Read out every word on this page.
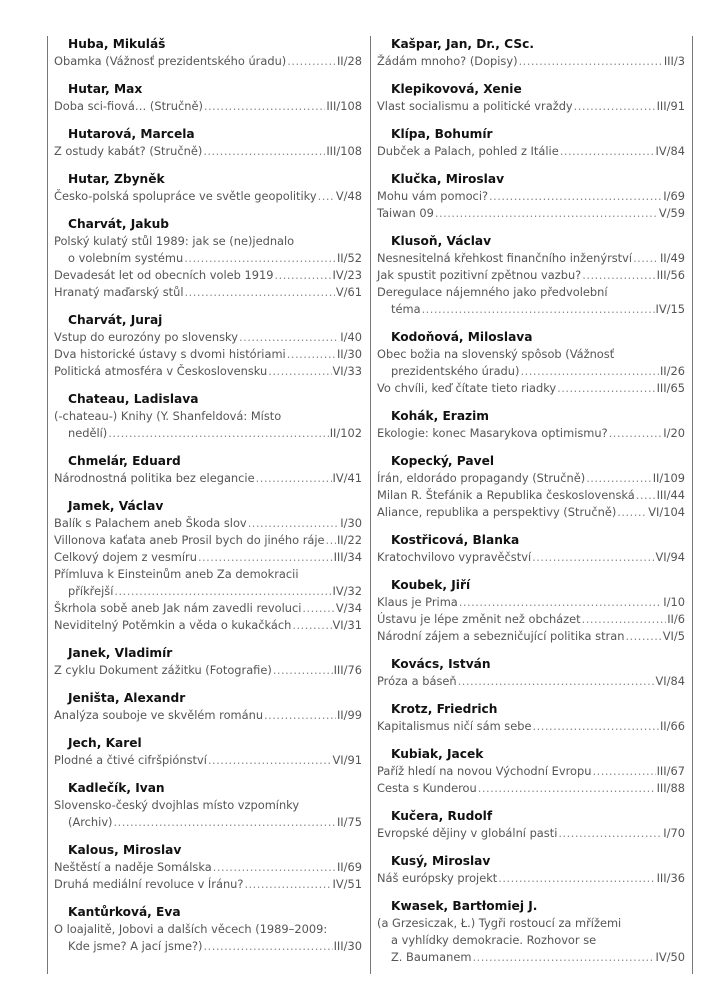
Huba, Mikuláš
Obamka (Vážnosť prezidentského úradu) .....	II/28
Hutar, Max
Doba sci-fiová… (Stručně) .....	III/108
Hutarová, Marcela
Z ostudy kabát? (Stručně) .....	III/108
Hutar, Zbyněk
Česko-polská spolupráce ve světle geopolitiky ..... V/48
Charvát, Jakub
Polský kulatý stůl 1989: jak se (ne)jednalo
o volebním systému .....	II/52
Devadesát let od obecních voleb 1919 .....	IV/23
Hranatý maďarský stůl .....	V/61
Charvát, Juraj
Vstup do eurozóny po slovensky .....	I/40
Dva historické ústavy s dvomi históriami .....	II/30
Politická atmosféra v Československu .....	VI/33
Chateau, Ladislava
(-chateau-) Knihy (Y. Shanfeldová: Místo
nedělí) .....	II/102
Chmelár, Eduard
Národnostná politika bez elegancie .....	IV/41
Jamek, Václav
Balík s Palachem aneb Škoda slov .....	I/30
Villonova kaťata aneb Prosil bych do jiného ráje ..... II/22
Celkový dojem z vesmíru .....	III/34
Přímluva k Einsteinům aneb Za demokracii
příkřejší .....	IV/32
Škrhola sobě aneb Jak nám zavedli revoluci .....	V/34
Neviditelný Potěmkin a věda o kukačkách .....	VI/31
Janek, Vladimír
Z cyklu Dokument zážitku (Fotografie) .....	III/76
Jeništa, Alexandr
Analýza souboje ve skvělém románu .....	II/99
Jech, Karel
Plodné a čtivé cifršpiónství .....	VI/91
Kadlečík, Ivan
Slovensko-český dvojhlas místo vzpomínky
(Archiv) .....	II/75
Kalous, Miroslav
Neštěstí a naděje Somálska .....	II/69
Druhá mediální revoluce v Íránu? .....	IV/51
Kantůrková, Eva
O loajalitě, Jobovi a dalších věcech (1989–2009:
Kde jsme? A jací jsme?) .....	III/30
Kašpar, Jan, Dr., CSc.
Žádám mnoho? (Dopisy) .....	III/3
Klepikovová, Xenie
Vlast socialismu a politické vraždy .....	III/91
Klípa, Bohumír
Dubček a Palach, pohled z Itálie .....	IV/84
Klučka, Miroslav
Mohu vám pomoci? .....	I/69
Taiwan 09 .....	V/59
Klusoň, Václav
Nesnesitelná křehkost finančního inženýrství ..... II/49
Jak spustit pozitivní zpětnou vazbu? .....	III/56
Deregulace nájemného jako předvolební
téma .....	IV/15
Kodoňová, Miloslava
Obec božia na slovenský spôsob (Vážnosť
prezidentského úradu) .....	II/26
Vo chvíli, keď čítate tieto riadky .....	III/65
Kohák, Erazim
Ekologie: konec Masarykova optimismu? .....	I/20
Kopecký, Pavel
Írán, eldorádo propagandy (Stručně) .....	II/109
Milan R. Štefánik a Republika československá ..... III/44
Aliance, republika a perspektivy (Stručně) .....	VI/104
Kostřicová, Blanka
Kratochvilovo vypravěčství .....	VI/94
Koubek, Jiří
Klaus je Prima .....	I/10
Ústavu je lépe změnit než obcházet .....	II/6
Národní zájem a sebezničující politika stran .....	VI/5
Kovács, István
Próza a báseň .....	VI/84
Krotz, Friedrich
Kapitalismus ničí sám sebe .....	II/66
Kubiak, Jacek
Paříž hledí na novou Východní Evropu .....	III/67
Cesta s Kunderou .....	III/88
Kučera, Rudolf
Evropské dějiny v globální pasti .....	I/70
Kusý, Miroslav
Náš európsky projekt .....	III/36
Kwasek, Bartłomiej J.
(a Grzesiczak, Ł.) Tygři rostoucí za mřížemi
a vyhlídky demokracie. Rozhovor se
Z. Baumanem .....	IV/50
